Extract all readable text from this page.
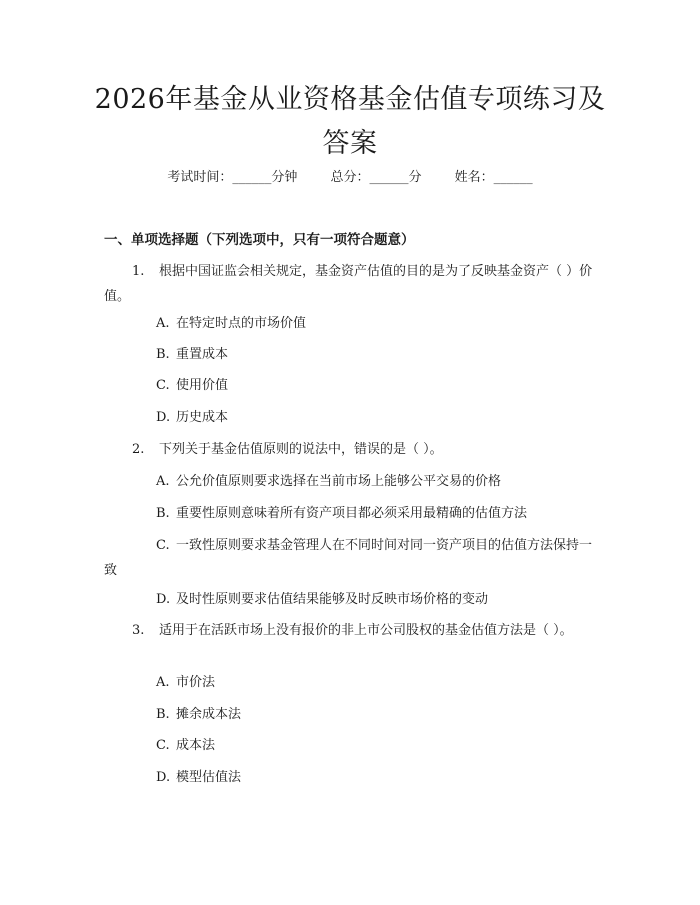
2026年基金从业资格基金估值专项练习及答案
考试时间：______分钟	总分：______分	姓名：______
一、单项选择题（下列选项中，只有一项符合题意）

1. 根据中国证监会相关规定，基金资产估值的目的是为了反映基金资产（ ）价值。

A. 在特定时点的市场价值

B. 重置成本

C. 使用价值

D. 历史成本

2. 下列关于基金估值原则的说法中，错误的是（ ）。

A. 公允价值原则要求选择在当前市场上能够公平交易的价格

B. 重要性原则意味着所有资产项目都必须采用最精确的估值方法

C. 一致性原则要求基金管理人在不同时间对同一资产项目的估值方法保持一致

D. 及时性原则要求估值结果能够及时反映市场价格的变动

3. 适用于在活跃市场上没有报价的非上市公司股权的基金估值方法是（ ）。

A. 市价法

B. 摊余成本法

C. 成本法

D. 模型估值法
